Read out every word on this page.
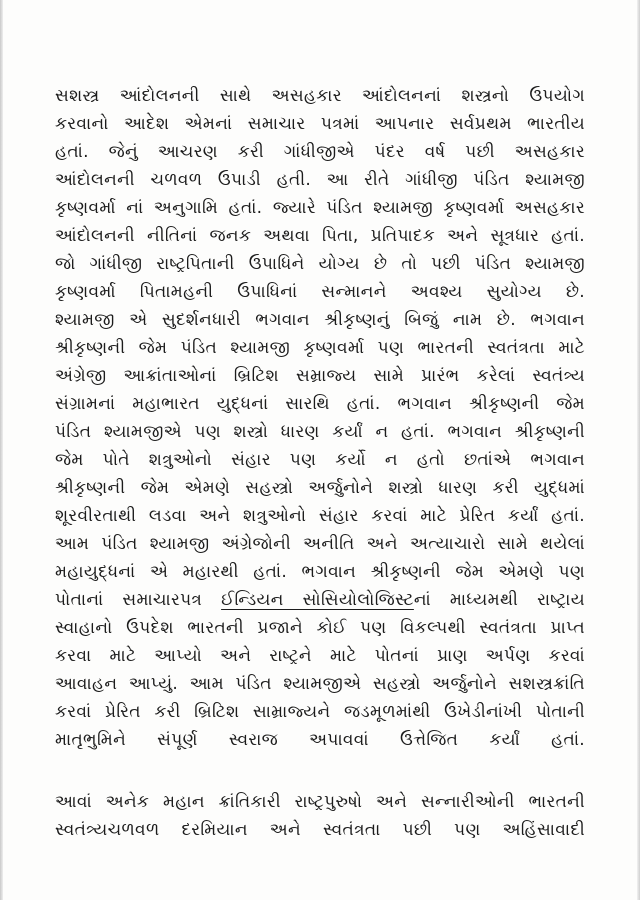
સશસ્ત્ર આંદોલનની સાથે અસહકાર આંદોલનનાં શસ્ત્રનો ઉપયોગ
કરવાનો આદેશ એમનાં સમાચાર પત્રમાં આપનાર સર્વપ્રથમ ભારતીય
હતાં. જેનું આચરણ કરી ગાંધીજીએ પંદર વર્ષ પછી અસહકાર
આંદોલનની ચળવળ ઉપાડી હતી. આ રીતે ગાંધીજી પંડિત શ્યામજી
કૃષ્ણવર્મા નાં અનુગામિ હતાં. જ્યારે પંડિત શ્યામજી કૃષ્ણવર્મા અસહકાર
આંદોલનની નીતિનાં જનક અથવા પિતા, પ્રતિપાદક અને સૂત્રધાર હતાં.
જો ગાંધીજી રાષ્ટ્રપિતાની ઉપાધિને યોગ્ય છે તો પછી પંડિત શ્યામજી
કૃષ્ણવર્મા પિતામહની ઉપાધિનાં સન્માનને અવશ્ય સુયોગ્ય છે.
શ્યામજી એ સુદર્શનધારી ભગવાન શ્રીકૃષ્ણનું બિજું નામ છે. ભગવાન
શ્રીકૃષ્ણની જેમ પંડિત શ્યામજી કૃષ્ણવર્મા પણ ભારતની સ્વતંત્રતા માટે
અંગ્રેજી આક્રાંતાઓનાં બ્રિટિશ સમ્રાજ્ય સામે પ્રારંભ કરેલાં સ્વતંત્ર્ય
સંગ્રામનાં મહાભારત યુદ્ધનાં સારથિ હતાં. ભગવાન શ્રીકૃષ્ણની જેમ
પંડિત શ્યામજીએ પણ શસ્ત્રો ધારણ કર્યાં ન હતાં. ભગવાન શ્રીકૃષ્ણની
જેમ પોતે શત્રુઓનો સંહાર પણ કર્યો ન હતો છતાંએ ભગવાન
શ્રીકૃષ્ણની જેમ એમણે સહસ્ત્રો અર્જુનોને શસ્ત્રો ધારણ કરી યુદ્ધમાં
શૂરવીરતાથી લડવા અને શત્રુઓનો સંહાર કરવાં માટે પ્રેરિત કર્યાં હતાં.
આમ પંડિત શ્યામજી અંગ્રેજોની અનીતિ અને અત્યાચારો સામે થયેલાં
મહાયુદ્ધનાં એ મહારથી હતાં. ભગવાન શ્રીકૃષ્ણની જેમ એમણે પણ
પોતાનાં સમાચારપત્ર ઈન્ડિયન સોસિયોલોજિસ્ટનાં માધ્યમથી રાષ્ટ્રાય
સ્વાહાનો ઉપદેશ ભારતની પ્રજાને કોઈ પણ વિકલ્પથી સ્વતંત્રતા પ્રાપ્ત
કરવા માટે આપ્યો અને રાષ્ટ્રને માટે પોતનાં પ્રાણ અર્પણ કરવાં
આવાહન આપ્યું. આમ પંડિત શ્યામજીએ સહસ્ત્રો અર્જુનોને સશસ્ત્રક્રાંતિ
કરવાં પ્રેરિત કરી બ્રિટિશ સામ્રાજ્યને જડમૂળમાંથી ઉખેડીનાંખી પોતાની
માતૃભુમિને સંપૂર્ણ સ્વરાજ અપાવવાં ઉત્તેજિત કર્યાં હતાં.
આવાં અનેક મહાન ક્રાંતિકારી રાષ્ટ્રપુરુષો અને સન્નારીઓની ભારતની
સ્વતંત્ર્યચળવળ દરમિયાન અને સ્વતંત્રતા પછી પણ અહિંસાવાદી
